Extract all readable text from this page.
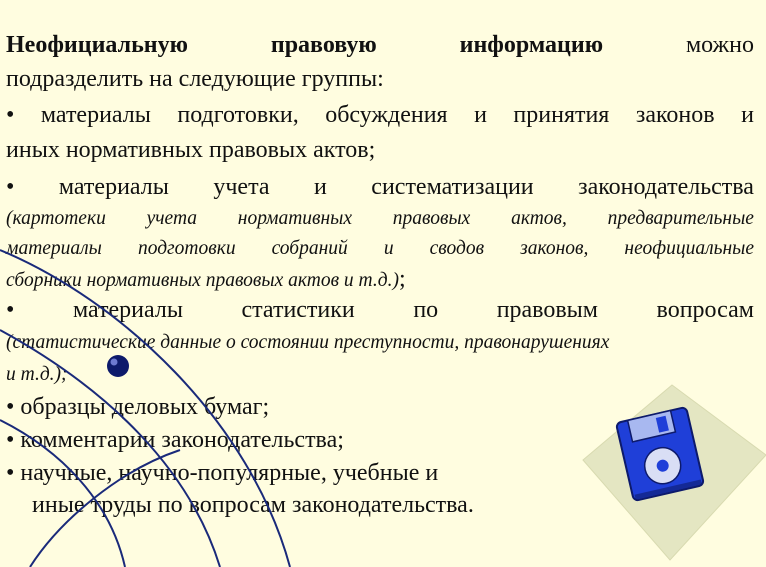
Неофициальную	правовую	информацию	можно
подразделить на следующие группы:
• материалы подготовки, обсуждения и принятия законов и
иных нормативных правовых актов;
• материалы учета и систематизации законодательства
(картотеки учета нормативных правовых актов, предварительные
материалы подготовки собраний и сводов законов, неофициальные
сборники нормативных правовых актов и т.д.);
• материалы статистики по правовым вопросам
(статистические данные о состоянии преступности, правонарушениях
и т.д.);
• образцы деловых бумаг;
• комментарии законодательства;
• научные, научно-популярные, учебные и
иные труды по вопросам законодательства.
